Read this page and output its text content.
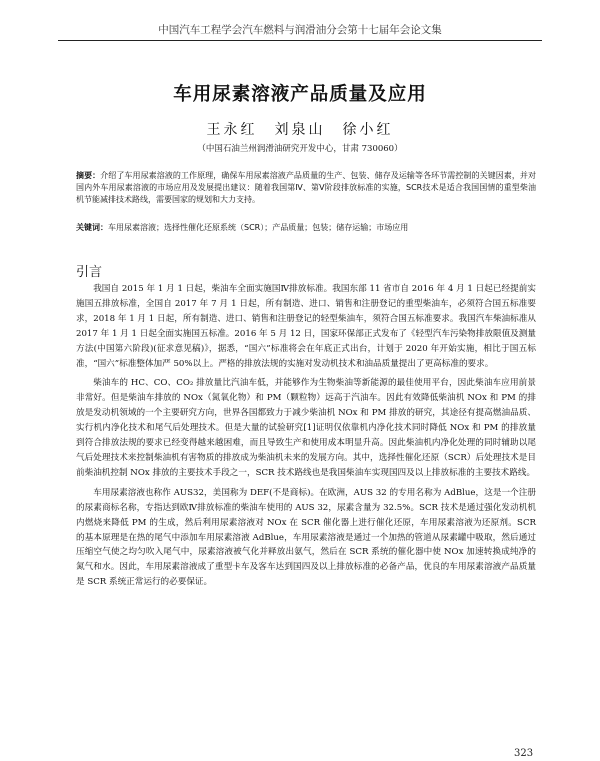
中国汽车工程学会汽车燃料与润滑油分会第十七届年会论文集
车用尿素溶液产品质量及应用
王永红　刘泉山　徐小红
（中国石油兰州润滑油研究开发中心，甘肃 730060）
摘要：介绍了车用尿素溶液的工作原理，确保车用尿素溶液产品质量的生产、包装、储存及运输等各环节需控制的关键因素，并对国内外车用尿素溶液的市场应用及发展提出建议：随着我国第Ⅳ、第Ⅴ阶段排放标准的实施，SCR技术是适合我国国情的重型柴油机节能减排技术路线，需要国家的规划和大力支持。
关键词：车用尿素溶液；选择性催化还原系统（SCR）；产品质量；包装；储存运输；市场应用
引言

我国自 2015 年 1 月 1 日起，柴油车全面实施国Ⅳ排放标准。我国东部 11 省市自 2016 年 4 月 1 日起已经提前实施国五排放标准，全国自 2017 年 7 月 1 日起，所有制造、进口、销售和注册登记的重型柴油车，必须符合国五标准要求，2018 年 1 月 1 日起，所有制造、进口、销售和注册登记的轻型柴油车，须符合国五标准要求。我国汽车柴油标准从 2017 年 1 月 1 日起全面实施国五标准。2016 年 5 月 12 日，国家环保部正式发布了《轻型汽车污染物排放限值及测量方法(中国第六阶段)(征求意见稿)》，据悉，“国六”标准将会在年底正式出台，计划于 2020 年开始实施，相比于国五标准，“国六”标准整体加严 50%以上。严格的排放法规的实施对发动机技术和油品质量提出了更高标准的要求。

柴油车的 HC、CO、CO₂ 排放量比汽油车低，并能够作为生物柴油等新能源的最佳使用平台，因此柴油车应用前景非常好。但是柴油车排放的 NOx（氮氧化物）和 PM（颗粒物）远高于汽油车。因此有效降低柴油机 NOx 和 PM 的排放是发动机领域的一个主要研究方向，世界各国都致力于减少柴油机 NOx 和 PM 排放的研究，其途径有提高燃油品质、实行机内净化技术和尾气后处理技术。但是大量的试验研究[1]证明仅依靠机内净化技术同时降低 NOx 和 PM 的排放量到符合排放法规的要求已经变得越来越困难，而且导致生产和使用成本明显升高。因此柴油机内净化处理的同时辅助以尾气后处理技术来控制柴油机有害物质的排放成为柴油机未来的发展方向。其中，选择性催化还原（SCR）后处理技术是目前柴油机控制 NOx 排放的主要技术手段之一，SCR 技术路线也是我国柴油车实现国四及以上排放标准的主要技术路线。

车用尿素溶液也称作 AUS32，美国称为 DEF(不是商标)。在欧洲，AUS 32 的专用名称为 AdBlue，这是一个注册的尿素商标名称，专指达到欧Ⅳ排放标准的柴油车使用的 AUS 32，尿素含量为 32.5%。SCR 技术是通过强化发动机机内燃烧来降低 PM 的生成，然后利用尿素溶液对 NOx 在 SCR 催化器上进行催化还原，车用尿素溶液为还原剂。SCR 的基本原理是在热的尾气中添加车用尿素溶液 AdBlue，车用尿素溶液是通过一个加热的管道从尿素罐中吸取，然后通过压缩空气使之均匀吹入尾气中，尿素溶液被气化并释放出氨气，然后在 SCR 系统的催化器中使 NOx 加速转换成纯净的氮气和水。因此，车用尿素溶液成了重型卡车及客车达到国四及以上排放标准的必备产品，优良的车用尿素溶液产品质量是 SCR 系统正常运行的必要保证。

323
